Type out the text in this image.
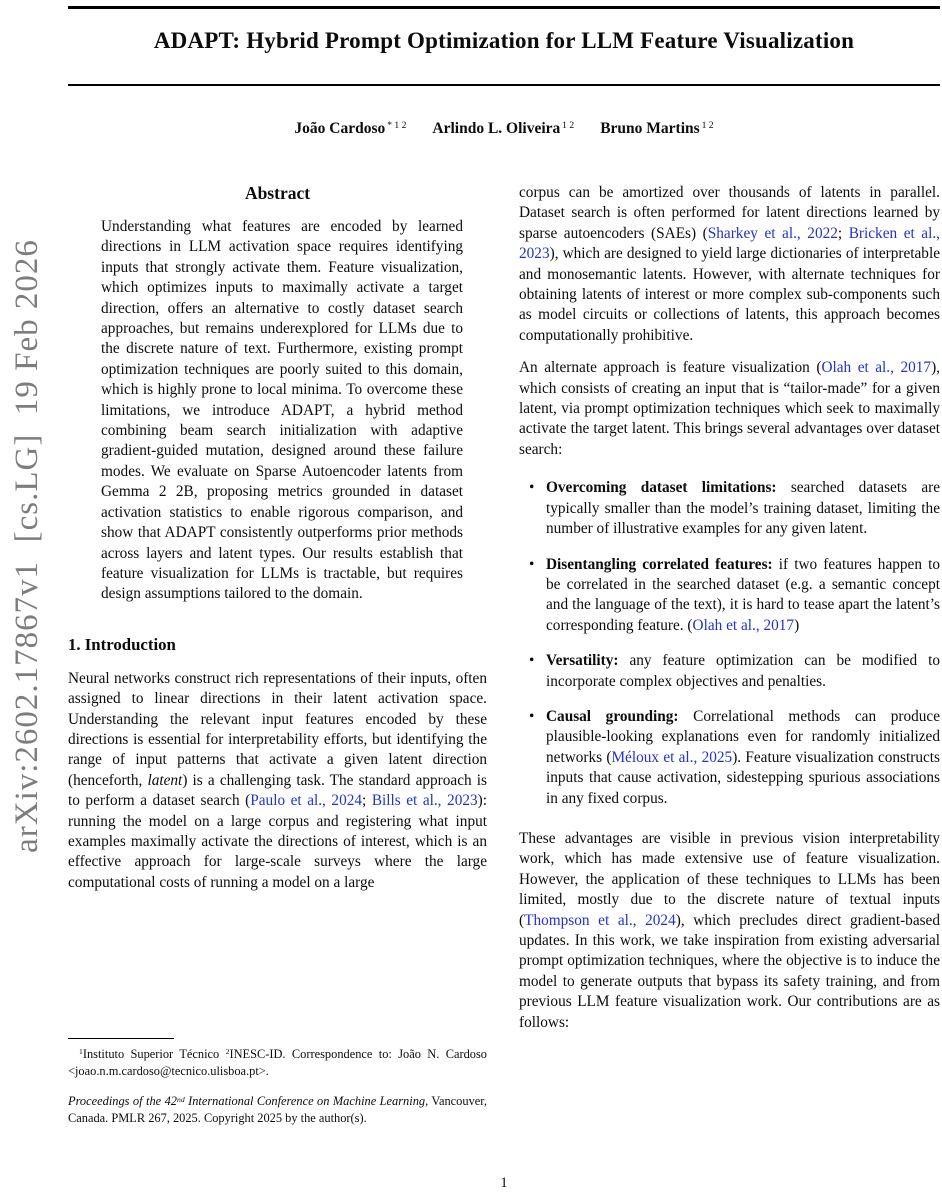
arXiv:2602.17867v1  [cs.LG]  19 Feb 2026
ADAPT: Hybrid Prompt Optimization for LLM Feature Visualization
João Cardoso $^{* 1 2}$ Arlindo L. Oliveira $^{1 2}$ Bruno Martins $^{1 2}$
Abstract
Understanding what features are encoded by learned directions in LLM activation space requires identifying inputs that strongly activate them. Feature visualization, which optimizes inputs to maximally activate a target direction, offers an alternative to costly dataset search approaches, but remains underexplored for LLMs due to the discrete nature of text. Furthermore, existing prompt optimization techniques are poorly suited to this domain, which is highly prone to local minima. To overcome these limitations, we introduce ADAPT, a hybrid method combining beam search initialization with adaptive gradient-guided mutation, designed around these failure modes. We evaluate on Sparse Autoencoder latents from Gemma 2 2B, proposing metrics grounded in dataset activation statistics to enable rigorous comparison, and show that ADAPT consistently outperforms prior methods across layers and latent types. Our results establish that feature visualization for LLMs is tractable, but requires design assumptions tailored to the domain.
1. Introduction
Neural networks construct rich representations of their inputs, often assigned to linear directions in their latent activation space. Understanding the relevant input features encoded by these directions is essential for interpretability efforts, but identifying the range of input patterns that activate a given latent direction (henceforth, latent) is a challenging task. The standard approach is to perform a dataset search (Paulo et al., 2024; Bills et al., 2023): running the model on a large corpus and registering what input examples maximally activate the directions of interest, which is an effective approach for large-scale surveys where the large computational costs of running a model on a large
corpus can be amortized over thousands of latents in parallel. Dataset search is often performed for latent directions learned by sparse autoencoders (SAEs) (Sharkey et al., 2022; Bricken et al., 2023), which are designed to yield large dictionaries of interpretable and monosemantic latents. However, with alternate techniques for obtaining latents of interest or more complex sub-components such as model circuits or collections of latents, this approach becomes computationally prohibitive.
An alternate approach is feature visualization (Olah et al., 2017), which consists of creating an input that is “tailor-made” for a given latent, via prompt optimization techniques which seek to maximally activate the target latent. This brings several advantages over dataset search:
• Overcoming dataset limitations: searched datasets are typically smaller than the model’s training dataset, limiting the number of illustrative examples for any given latent.
• Disentangling correlated features: if two features happen to be correlated in the searched dataset (e.g. a semantic concept and the language of the text), it is hard to tease apart the latent’s corresponding feature. (Olah et al., 2017)
• Versatility: any feature optimization can be modified to incorporate complex objectives and penalties.
• Causal grounding: Correlational methods can produce plausible-looking explanations even for randomly initialized networks (Méloux et al., 2025). Feature visualization constructs inputs that cause activation, sidestepping spurious associations in any fixed corpus.
These advantages are visible in previous vision interpretability work, which has made extensive use of feature visualization. However, the application of these techniques to LLMs has been limited, mostly due to the discrete nature of textual inputs (Thompson et al., 2024), which precludes direct gradient-based updates. In this work, we take inspiration from existing adversarial prompt optimization techniques, where the objective is to induce the model to generate outputs that bypass its safety training, and from previous LLM feature visualization work. Our contributions are as follows:
$^1$Instituto Superior Técnico $^2$INESC-ID. Correspondence to: João N. Cardoso <joao.n.m.cardoso@tecnico.ulisboa.pt>.
Proceedings of the 42nd International Conference on Machine Learning, Vancouver, Canada. PMLR 267, 2025. Copyright 2025 by the author(s).
1
